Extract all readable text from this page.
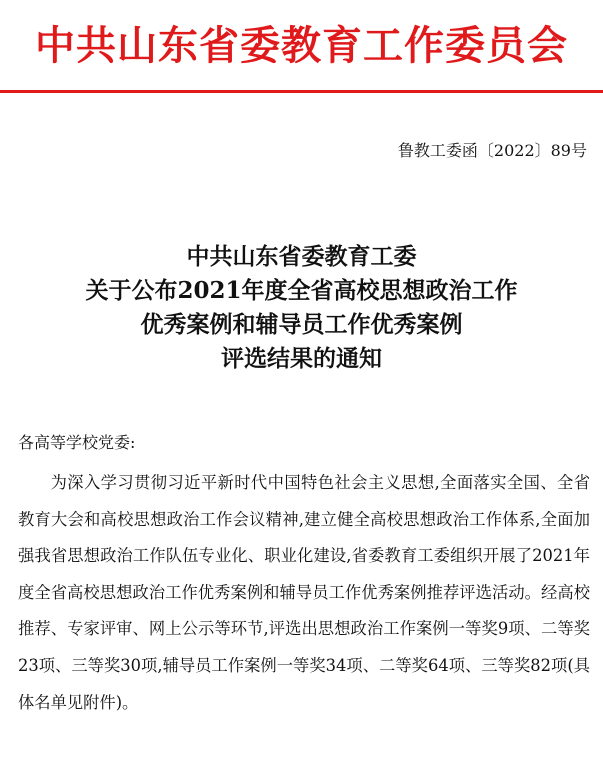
中共山东省委教育工作委员会
鲁教工委函〔2022〕89号
中共山东省委教育工委
关于公布2021年度全省高校思想政治工作
优秀案例和辅导员工作优秀案例
评选结果的通知
各高等学校党委:

为深入学习贯彻习近平新时代中国特色社会主义思想,全面落实全国、全省教育大会和高校思想政治工作会议精神,建立健全高校思想政治工作体系,全面加强我省思想政治工作队伍专业化、职业化建设,省委教育工委组织开展了2021年度全省高校思想政治工作优秀案例和辅导员工作优秀案例推荐评选活动。经高校推荐、专家评审、网上公示等环节,评选出思想政治工作案例一等奖9项、二等奖23项、三等奖30项,辅导员工作案例一等奖34项、二等奖64项、三等奖82项(具体名单见附件)。
